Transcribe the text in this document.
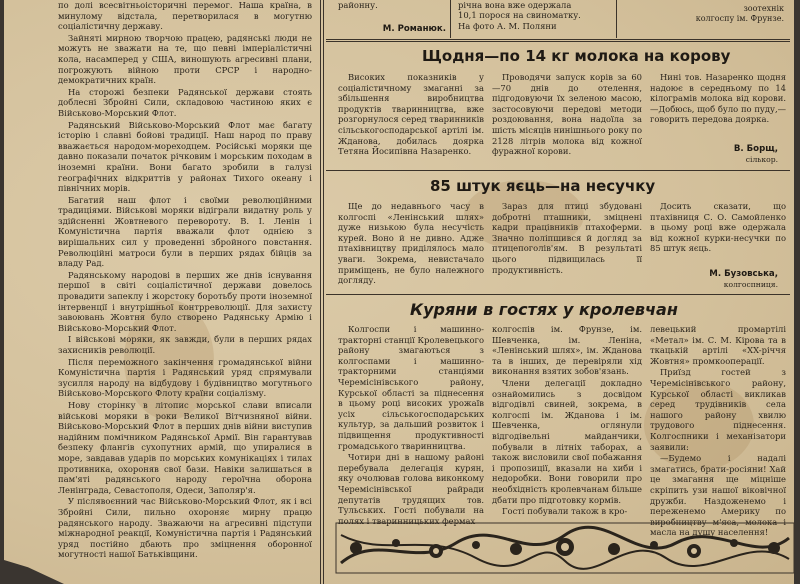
по долі всесвітньоісторичні перемог. Наша країна, в минулому відстала, перетворилася в могутню соціалістичну державу.

Зайняті мирною творчою працею, радянські люди не можуть не зважати на те, що певні імперіалістичні кола, насамперед у США, виношують агресивні плани, погрожують війною проти СРСР і народно-демократичних країн.

На сторожі безпеки Радянської держави стоять доблесні Збройні Сили, складовою частиною яких є Військово-Морський Флот.

Радянський Військово-Морський Флот має багату історію і славні бойові традиції. Наш народ по праву вважається народом-мореходцем. Російські моряки ще давно показали початок річковим і морським походам в іноземні країни. Вони багато зробили в галузі географічних відкриттів у районах Тихого океану і північних морів.

Багатий наш флот і своїми революційними традиціями. Військові моряки відіграли видатну роль у здійсненні Жовтневого перевороту. В. І. Ленін і Комуністична партія вважали флот однією з вирішальних сил у проведенні збройного повстання. Революційні матроси були в перших рядах бійців за владу Рад.

Радянському народові в перших же днів існування першої в світі соціалістичної держави довелось провадити запеклу і жорстоку боротьбу проти іноземної інтервенції і внутрішньої контрреволюції. Для захисту завоювань Жовтня було створено Радянську Армію і Військово-Морський Флот.

І військові моряки, як завжди, були в перших рядах захисників революції.

Після переможного закінчення громадянської війни Комуністична партія і Радянський уряд спрямували зусилля народу на відбудову і будівництво могутнього Військово-Морського Флоту країни соціалізму.

Нову сторінку в літопис морської слави вписали військові моряки в роки Великої Вітчизняної війни. Військово-Морський Флот в перших днів війни виступив надійним помічником Радянської Армії. Він гарантував безпеку флангів сухопутних армій, що упиралися в море, завдавав ударів по морських комунікаціях і тилах противника, охороняв свої бази. Навіки залишаться в пам'яті радянського народу героїчна оборона Ленінграда, Севастополя, Одеси, Заполяр'я.

У післявоєнний час Військово-Морський Флот, як і всі Збройні Сили, пильно охороняє мирну працю радянського народу. Зважаючи на агресивні підступи міжнародної реакції, Комуністична партія і Радянський уряд постійно дбають про зміцнення оборонної могутності нашої Батьківщини.

районну.
М. Романюк.
річна вона вже одержала
10,1 порося на свиноматку.
На фото А. М. Поляни
зоотехнік
колгоспу ім. Фрунзе.
Щодня—по 14 кг молока на корову

Високих показників у соціалістичному змаганні за збільшення виробництва продуктів тваринництва, вже розгорнулося серед тваринників сільськогосподарської артілі ім. Жданова, добилась доярка Тетяна Йосипівна Назаренко.

Проводячи запуск корів за 60—70 днів до отелення, підгодовуючи їх зеленою масою, застосовуючи передові методи роздоювання, вона надоїла за шість місяців нинішнього року по 2128 літрів молока від кожної фуражної корови.

Нині тов. Назаренко щодня надоює в середньому по 14 кілограмів молока від корови. —Добюсь, щоб було по пуду,—говорить передова доярка.

В. Борщ,
сількор.
85 штук яєць—на несучку

Ще до недавнього часу в колгоспі «Ленінський шлях» дуже низькою була несучість курей. Воно й не дивно. Адже птахівництву приділялось мало уваги. Зокрема, невистачало приміщень, не було належного догляду.

Зараз для птиці збудовані добротні пташники, зміцнені кадри працівників птахоферми. Значно поліпшився й догляд за птицепоголів'ям. В результаті цього підвищилась її продуктивність.

Досить сказати, що птахівниця С. О. Самойленко в цьому році вже одержала від кожної курки-несучки по 85 штук яєць.

М. Бузовська,
колгоспниця.
Куряни в гостях у кролевчан

Колгоспи і машинно-тракторні станції Кролевецького району змагаються з колгоспами і машинно-тракторними станціями Черемісінівського району, Курської області за піднесення в цьому році високих урожаїв усіх сільськогосподарських культур, за дальший розвиток і підвищення продуктивності громадського тваринництва.

Чотири дні в нашому районі перебувала делегація курян, яку очолював голова виконкому Черемісінівської райради депутатів трудящих тов. Тульських. Гості побували на полях і тваринницьких фермах

колгоспів ім. Фрунзе, ім. Шевченка, ім. Леніна, «Ленінський шлях», ім. Жданова та в інших, де перевіряли хід виконання взятих зобов'язань.

Члени делегації докладно ознайомились з досвідом відгодівлі свиней, зокрема, в колгоспі ім. Жданова і ім. Шевченка, оглянули відгодівельні майданчики, побували в літніх таборах, а також висловили свої побажання і пропозиції, вказали на хиби і недоробки. Вони говорили про необхідність кролевчанам більше дбати про підготовку кормів.

Гості побували також в кро-

левецький промартілі «Метал» ім. С. М. Кірова та в ткацькій артілі «XX-річчя Жовтня» промкооперації.

Приїзд гостей з Черемісінівського району, Курської області викликав серед трудівників села нашого району хвилю трудового піднесення. Колгоспники і механізатори заявили:

—Будемо і надалі змагатись, брати-росіяни! Хай це змагання ще міцніше скріпить узи нашої віковічної дружби. Наздоженемо і переженемо Америку по виробництву м'яса, молока і масла на душу населення!
